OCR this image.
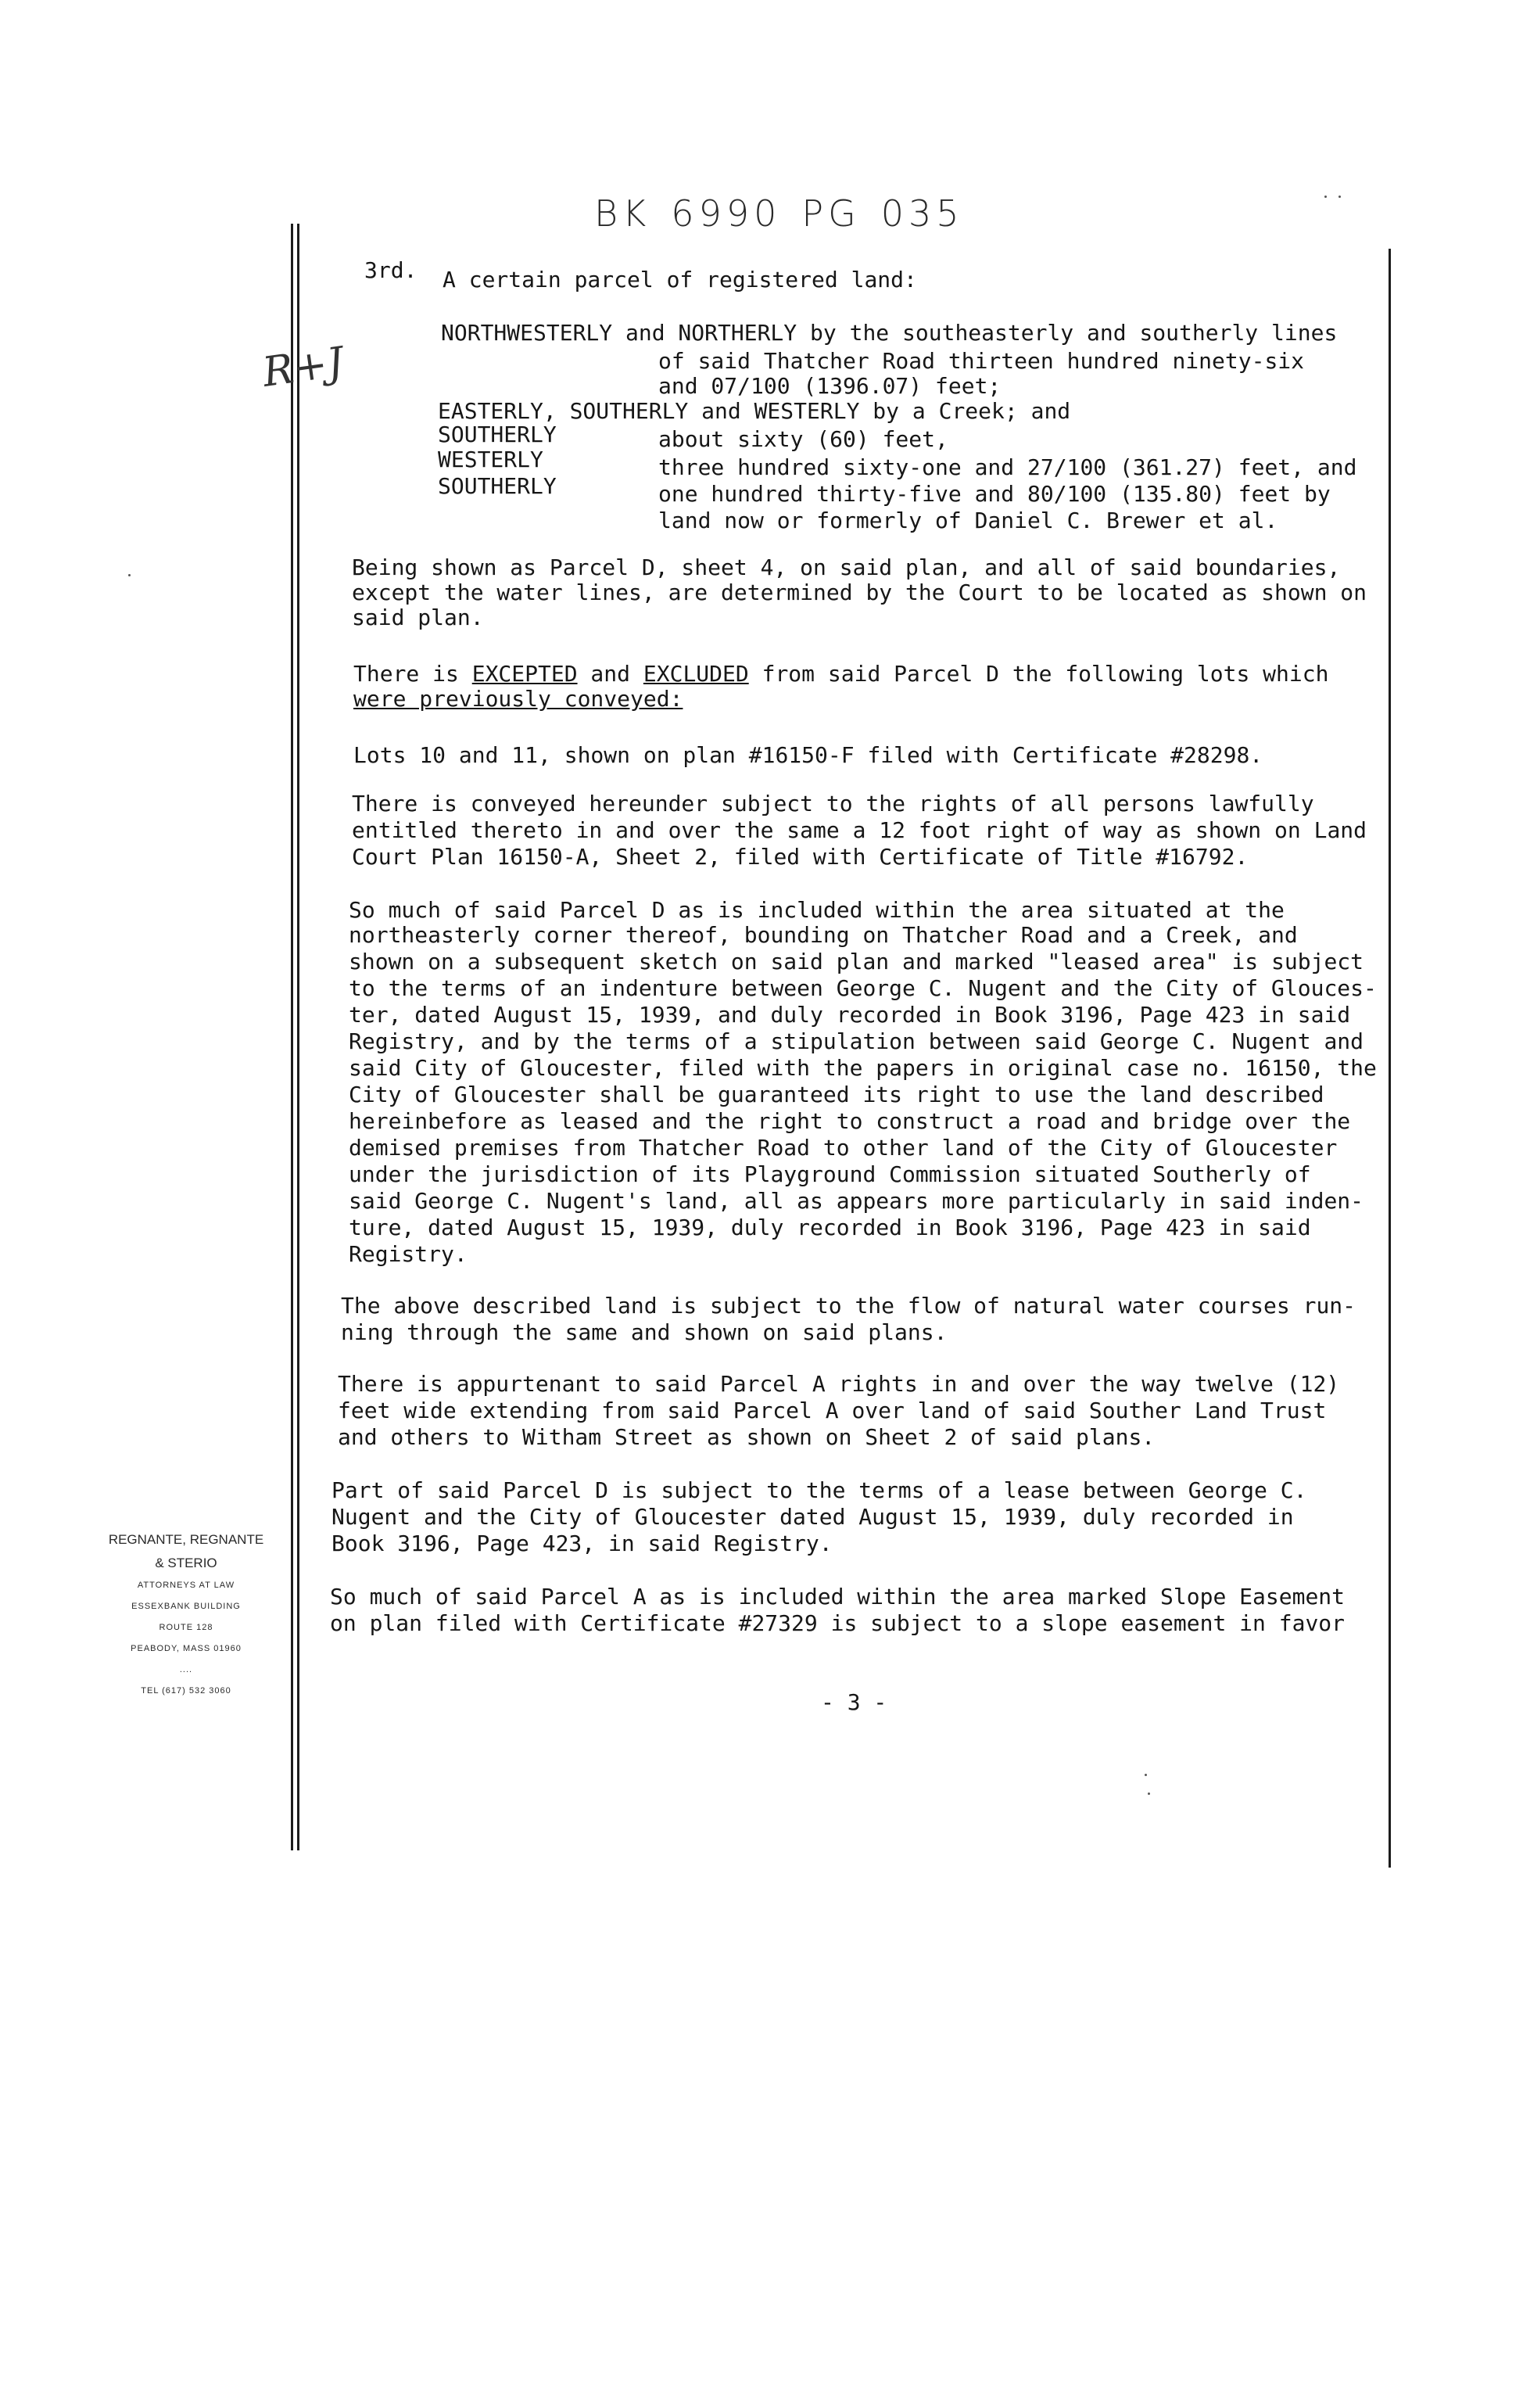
BK 6990 PG 035
R+J
3rd. A certain parcel of registered land:
NORTHWESTERLY and NORTHERLY by the southeasterly and southerly lines
of said Thatcher Road thirteen hundred ninety-six
and 07/100 (1396.07) feet;
EASTERLY, SOUTHERLY and WESTERLY by a Creek; and
SOUTHERLY	about sixty (60) feet,
WESTERLY	three hundred sixty-one and 27/100 (361.27) feet, and
SOUTHERLY	one hundred thirty-five and 80/100 (135.80) feet by
land now or formerly of Daniel C. Brewer et al.
Being shown as Parcel D, sheet 4, on said plan, and all of said boundaries,
except the water lines, are determined by the Court to be located as shown on
said plan.
There is EXCEPTED and EXCLUDED from said Parcel D the following lots which
were previously conveyed:
Lots 10 and 11, shown on plan #16150-F filed with Certificate #28298.
There is conveyed hereunder subject to the rights of all persons lawfully
entitled thereto in and over the same a 12 foot right of way as shown on Land
Court Plan 16150-A, Sheet 2, filed with Certificate of Title #16792.
So much of said Parcel D as is included within the area situated at the
northeasterly corner thereof, bounding on Thatcher Road and a Creek, and
shown on a subsequent sketch on said plan and marked "leased area" is subject
to the terms of an indenture between George C. Nugent and the City of Glouces-
ter, dated August 15, 1939, and duly recorded in Book 3196, Page 423 in said
Registry, and by the terms of a stipulation between said George C. Nugent and
said City of Gloucester, filed with the papers in original case no. 16150, the
City of Gloucester shall be guaranteed its right to use the land described
hereinbefore as leased and the right to construct a road and bridge over the
demised premises from Thatcher Road to other land of the City of Gloucester
under the jurisdiction of its Playground Commission situated Southerly of
said George C. Nugent's land, all as appears more particularly in said inden-
ture, dated August 15, 1939, duly recorded in Book 3196, Page 423 in said
Registry.
The above described land is subject to the flow of natural water courses run-
ning through the same and shown on said plans.
There is appurtenant to said Parcel A rights in and over the way twelve (12)
feet wide extending from said Parcel A over land of said Souther Land Trust
and others to Witham Street as shown on Sheet 2 of said plans.
Part of said Parcel D is subject to the terms of a lease between George C.
Nugent and the City of Gloucester dated August 15, 1939, duly recorded in
Book 3196, Page 423, in said Registry.
So much of said Parcel A as is included within the area marked Slope Easement
on plan filed with Certificate #27329 is subject to a slope easement in favor
REGNANTE, REGNANTE
& STERIO
ATTORNEYS AT LAW
ESSEXBANK BUILDING
ROUTE 128
PEABODY, MASS 01960
....
TEL (617) 532 3060	- 3 -
